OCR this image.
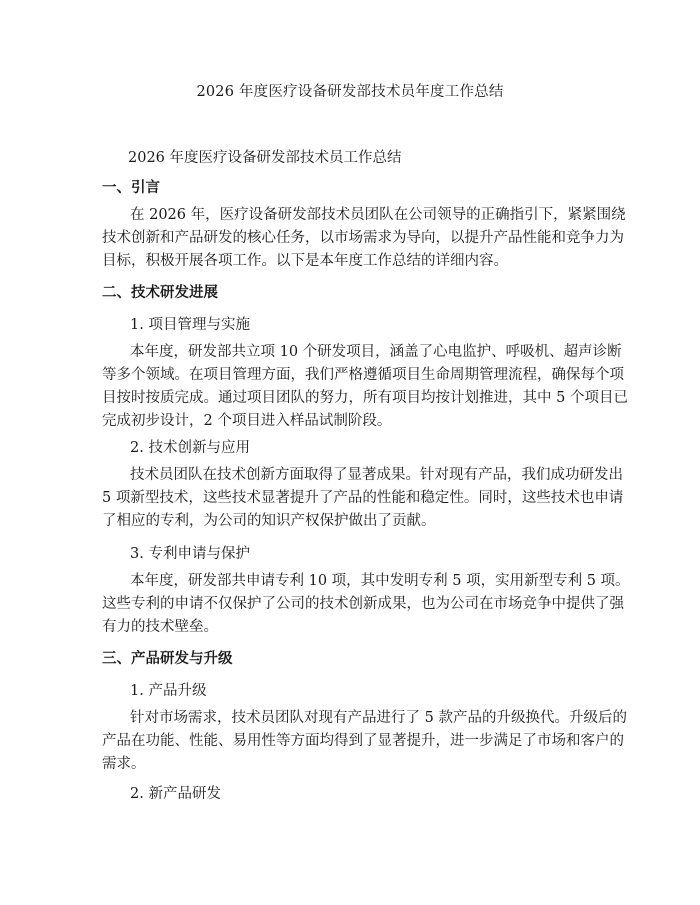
2026 年度医疗设备研发部技术员年度工作总结
2026 年度医疗设备研发部技术员工作总结
一、引言
在 2026 年，医疗设备研发部技术员团队在公司领导的正确指引下，紧紧围绕
技术创新和产品研发的核心任务，以市场需求为导向，以提升产品性能和竞争力为
目标，积极开展各项工作。以下是本年度工作总结的详细内容。
二、技术研发进展
1. 项目管理与实施
本年度，研发部共立项 10 个研发项目，涵盖了心电监护、呼吸机、超声诊断
等多个领域。在项目管理方面，我们严格遵循项目生命周期管理流程，确保每个项
目按时按质完成。通过项目团队的努力，所有项目均按计划推进，其中 5 个项目已
完成初步设计，2 个项目进入样品试制阶段。
2. 技术创新与应用
技术员团队在技术创新方面取得了显著成果。针对现有产品，我们成功研发出
5 项新型技术，这些技术显著提升了产品的性能和稳定性。同时，这些技术也申请
了相应的专利，为公司的知识产权保护做出了贡献。
3. 专利申请与保护
本年度，研发部共申请专利 10 项，其中发明专利 5 项，实用新型专利 5 项。
这些专利的申请不仅保护了公司的技术创新成果，也为公司在市场竞争中提供了强
有力的技术壁垒。
三、产品研发与升级
1. 产品升级
针对市场需求，技术员团队对现有产品进行了 5 款产品的升级换代。升级后的
产品在功能、性能、易用性等方面均得到了显著提升，进一步满足了市场和客户的
需求。
2. 新产品研发
